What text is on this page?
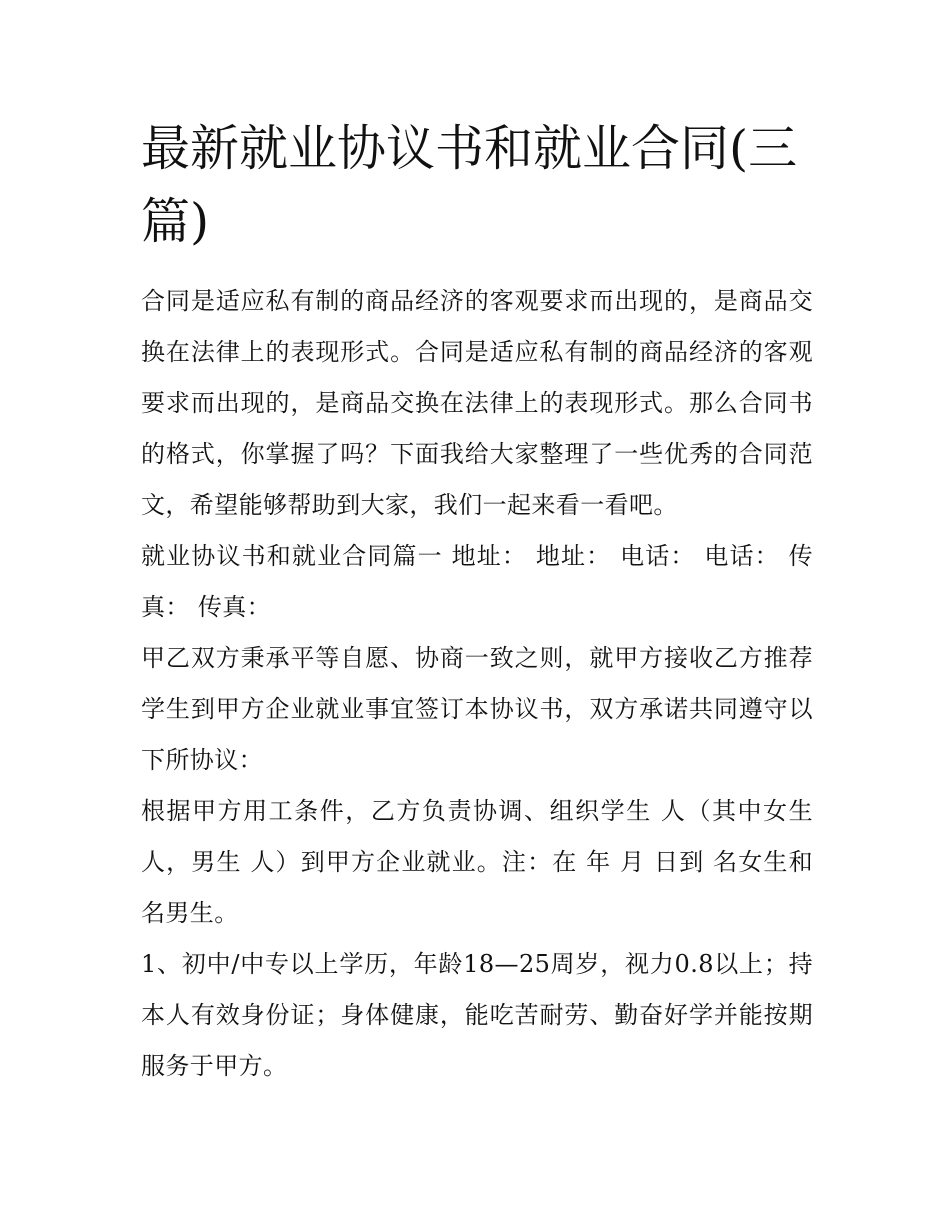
最新就业协议书和就业合同(三篇)

合同是适应私有制的商品经济的客观要求而出现的，是商品交换在法律上的表现形式。合同是适应私有制的商品经济的客观要求而出现的，是商品交换在法律上的表现形式。那么合同书的格式，你掌握了吗？下面我给大家整理了一些优秀的合同范文，希望能够帮助到大家，我们一起来看一看吧。

就业协议书和就业合同篇一 地址： 地址： 电话： 电话： 传真： 传真：

甲乙双方秉承平等自愿、协商一致之则，就甲方接收乙方推荐学生到甲方企业就业事宜签订本协议书，双方承诺共同遵守以下所协议：

根据甲方用工条件，乙方负责协调、组织学生 人（其中女生 人，男生 人）到甲方企业就业。注：在 年 月 日到 名女生和名男生。

1、初中/中专以上学历，年龄18—25周岁，视力0.8以上；持本人有效身份证；身体健康，能吃苦耐劳、勤奋好学并能按期服务于甲方。
